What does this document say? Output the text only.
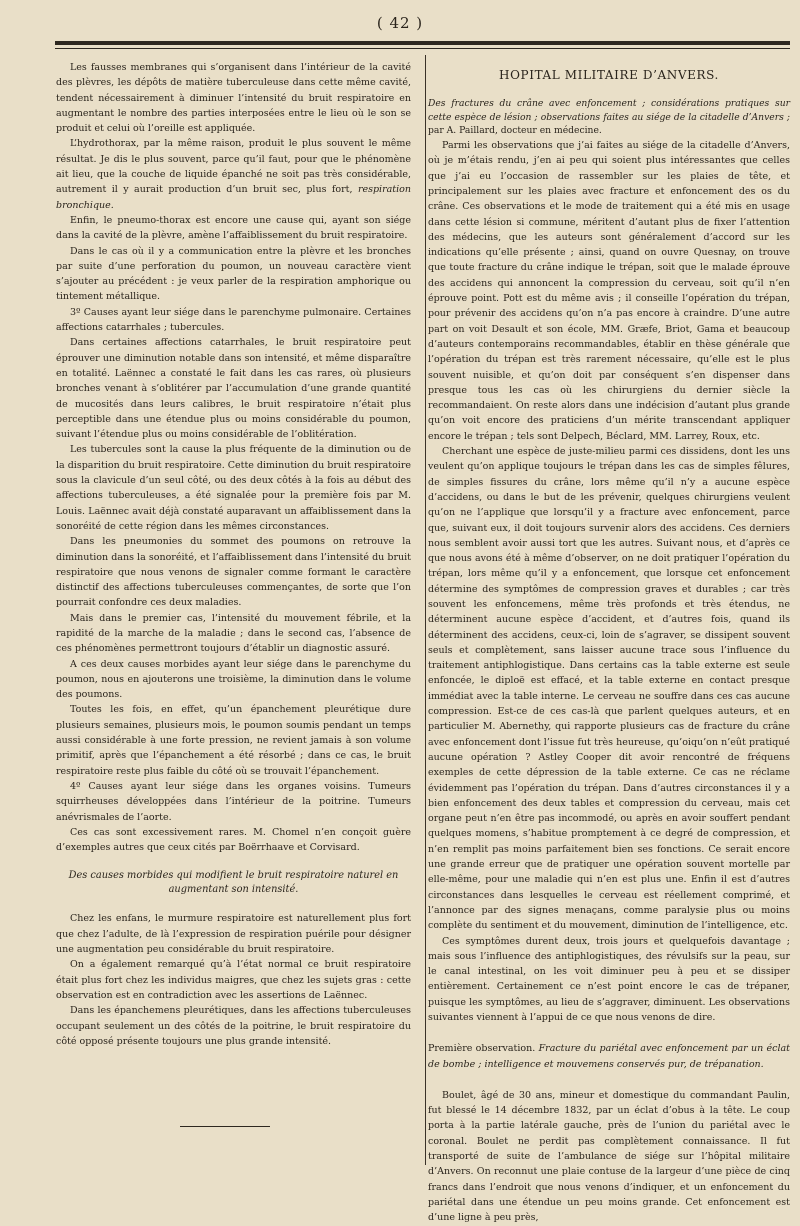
( 42 )

Les fausses membranes qui s’organisent dans l’intérieur de la cavité des plèvres, les dépôts de matière tuberculeuse dans cette même cavité, tendent nécessairement à diminuer l’intensité du bruit respiratoire en augmentant le nombre des parties interposées entre le lieu où le son se produit et celui où l’oreille est appliquée.

L’hydrothorax, par la même raison, produit le plus souvent le même résultat. Je dis le plus souvent, parce qu’il faut, pour que le phénomène ait lieu, que la couche de liquide épanché ne soit pas très considérable, autrement il y aurait production d’un bruit sec, plus fort, respiration bronchique.

Enfin, le pneumo-thorax est encore une cause qui, ayant son siége dans la cavité de la plèvre, amène l’affaiblissement du bruit respiratoire.

Dans le cas où il y a communication entre la plèvre et les bronches par suite d’une perforation du poumon, un nouveau caractère vient s’ajouter au précédent : je veux parler de la respiration amphorique ou tintement métallique.

3º Causes ayant leur siége dans le parenchyme pulmonaire. Certaines affections catarrhales ; tubercules.

Dans certaines affections catarrhales, le bruit respiratoire peut éprouver une diminution notable dans son intensité, et même disparaître en totalité. Laënnec a constaté le fait dans les cas rares, où plusieurs bronches venant à s’oblitérer par l’accumulation d’une grande quantité de mucosités dans leurs calibres, le bruit respiratoire n’était plus perceptible dans une étendue plus ou moins considérable du poumon, suivant l’étendue plus ou moins considérable de l’oblitération.

Les tubercules sont la cause la plus fréquente de la diminution ou de la disparition du bruit respiratoire. Cette diminution du bruit respiratoire sous la clavicule d’un seul côté, ou des deux côtés à la fois au début des affections tuberculeuses, a été signalée pour la première fois par M. Louis. Laënnec avait déjà constaté auparavant un affaiblissement dans la sonoréité de cette région dans les mêmes circonstances.

Dans les pneumonies du sommet des poumons on retrouve la diminution dans la sonoréité, et l’affaiblissement dans l’intensité du bruit respiratoire que nous venons de signaler comme formant le caractère distinctif des affections tuberculeuses commençantes, de sorte que l’on pourrait confondre ces deux maladies.

Mais dans le premier cas, l’intensité du mouvement fébrile, et la rapidité de la marche de la maladie ; dans le second cas, l’absence de ces phénomènes permettront toujours d’établir un diagnostic assuré.

A ces deux causes morbides ayant leur siége dans le parenchyme du poumon, nous en ajouterons une troisième, la diminution dans le volume des poumons.

Toutes les fois, en effet, qu’un épanchement pleurétique dure plusieurs semaines, plusieurs mois, le poumon soumis pendant un temps aussi considérable à une forte pression, ne revient jamais à son volume primitif, après que l’épanchement a été résorbé ; dans ce cas, le bruit respiratoire reste plus faible du côté où se trouvait l’épanchement.

4º Causes ayant leur siége dans les organes voisins. Tumeurs squirrheuses développées dans l’intérieur de la poitrine. Tumeurs anévrismales de l’aorte.

Ces cas sont excessivement rares. M. Chomel n’en conçoit guère d’exemples autres que ceux cités par Boërrhaave et Corvisard.

Des causes morbides qui modifient le bruit respiratoire naturel en augmentant son intensité.

Chez les enfans, le murmure respiratoire est naturellement plus fort que chez l’adulte, de là l’expression de respiration puérile pour désigner une augmentation peu considérable du bruit respiratoire.

On a également remarqué qu’à l’état normal ce bruit respiratoire était plus fort chez les individus maigres, que chez les sujets gras : cette observation est en contradiction avec les assertions de Laënnec.

Dans les épanchemens pleurétiques, dans les affections tuberculeuses occupant seulement un des côtés de la poitrine, le bruit respiratoire du côté opposé présente toujours une plus grande intensité.

HOPITAL MILITAIRE D’ANVERS.

Des fractures du crâne avec enfoncement ; considérations pratiques sur cette espèce de lésion ; observations faites au siége de la citadelle d’Anvers ; par A. Paillard, docteur en médecine.

Parmi les observations que j’ai faites au siége de la citadelle d’Anvers, où je m’étais rendu, j’en ai peu qui soient plus intéressantes que celles que j’ai eu l’occasion de rassembler sur les plaies de tête, et principalement sur les plaies avec fracture et enfoncement des os du crâne. Ces observations et le mode de traitement qui a été mis en usage dans cette lésion si commune, méritent d’autant plus de fixer l’attention des médecins, que les auteurs sont généralement d’accord sur les indications qu’elle présente ; ainsi, quand on ouvre Quesnay, on trouve que toute fracture du crâne indique le trépan, soit que le malade éprouve des accidens qui annoncent la compression du cerveau, soit qu’il n’en éprouve point. Pott est du même avis ; il conseille l’opération du trépan, pour prévenir des accidens qu’on n’a pas encore à craindre. D’une autre part on voit Desault et son école, MM. Græfe, Briot, Gama et beaucoup d’auteurs contemporains recommandables, établir en thèse générale que l’opération du trépan est très rarement nécessaire, qu’elle est le plus souvent nuisible, et qu’on doit par conséquent s’en dispenser dans presque tous les cas où les chirurgiens du dernier siècle la recommandaient. On reste alors dans une indécision d’autant plus grande qu’on voit encore des praticiens d’un mérite transcendant appliquer encore le trépan ; tels sont Delpech, Béclard, MM. Larrey, Roux, etc.

Cherchant une espèce de juste-milieu parmi ces dissidens, dont les uns veulent qu’on applique toujours le trépan dans les cas de simples fêlures, de simples fissures du crâne, lors même qu’il n’y a aucune espèce d’accidens, ou dans le but de les prévenir, quelques chirurgiens veulent qu’on ne l’applique que lorsqu’il y a fracture avec enfoncement, parce que, suivant eux, il doit toujours survenir alors des accidens. Ces derniers nous semblent avoir aussi tort que les autres. Suivant nous, et d’après ce que nous avons été à même d’observer, on ne doit pratiquer l’opération du trépan, lors même qu’il y a enfoncement, que lorsque cet enfoncement détermine des symptômes de compression graves et durables ; car très souvent les enfoncemens, même très profonds et très étendus, ne déterminent aucune espèce d’accident, et d’autres fois, quand ils déterminent des accidens, ceux-ci, loin de s’agraver, se dissipent souvent seuls et complètement, sans laisser aucune trace sous l’influence du traitement antiphlogistique. Dans certains cas la table externe est seule enfoncée, le diploë est effacé, et la table externe en contact presque immédiat avec la table interne. Le cerveau ne souffre dans ces cas aucune compression. Est-ce de ces cas-là que parlent quelques auteurs, et en particulier M. Abernethy, qui rapporte plusieurs cas de fracture du crâne avec enfoncement dont l’issue fut très heureuse, qu’oiqu’on n’eût pratiqué aucune opération ? Astley Cooper dit avoir rencontré de fréquens exemples de cette dépression de la table externe. Ce cas ne réclame évidemment pas l’opération du trépan. Dans d’autres circonstances il y a bien enfoncement des deux tables et compression du cerveau, mais cet organe peut n’en être pas incommodé, ou après en avoir souffert pendant quelques momens, s’habitue promptement à ce degré de compression, et n’en remplit pas moins parfaitement bien ses fonctions. Ce serait encore une grande erreur que de pratiquer une opération souvent mortelle par elle-même, pour une maladie qui n’en est plus une. Enfin il est d’autres circonstances dans lesquelles le cerveau est réellement comprimé, et l’annonce par des signes menaçans, comme paralysie plus ou moins complète du sentiment et du mouvement, diminution de l’intelligence, etc.

Ces symptômes durent deux, trois jours et quelquefois davantage ; mais sous l’influence des antiphlogistiques, des révulsifs sur la peau, sur le canal intestinal, on les voit diminuer peu à peu et se dissiper entièrement. Certainement ce n’est point encore le cas de trépaner, puisque les symptômes, au lieu de s’aggraver, diminuent. Les observations suivantes viennent à l’appui de ce que nous venons de dire.

Première observation. Fracture du pariétal avec enfoncement par un éclat de bombe ; intelligence et mouvemens conservés pur, de trépanation.

Boulet, âgé de 30 ans, mineur et domestique du commandant Paulin, fut blessé le 14 décembre 1832, par un éclat d’obus à la tête. Le coup porta à la partie latérale gauche, près de l’union du pariétal avec le coronal. Boulet ne perdit pas complètement connaissance. Il fut transporté de suite de l’ambulance de siége sur l’hôpital militaire d’Anvers. On reconnut une plaie contuse de la largeur d’une pièce de cinq francs dans l’endroit que nous venons d’indiquer, et un enfoncement du pariétal dans une étendue un peu moins grande. Cet enfoncement est d’une ligne à peu près,
